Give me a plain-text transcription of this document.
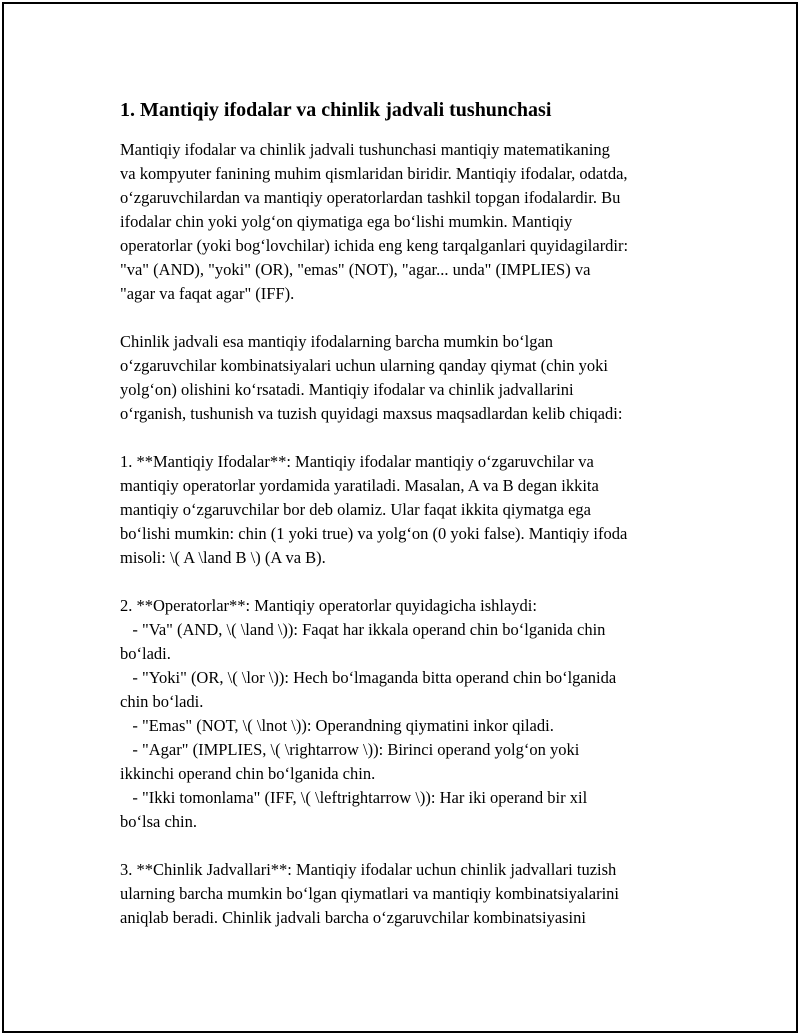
1. Mantiqiy ifodalar va chinlik jadvali tushunchasi
Mantiqiy ifodalar va chinlik jadvali tushunchasi mantiqiy matematikaning
va kompyuter fanining muhim qismlaridan biridir. Mantiqiy ifodalar, odatda,
o‘zgaruvchilardan va mantiqiy operatorlardan tashkil topgan ifodalardir. Bu
ifodalar chin yoki yolg‘on qiymatiga ega bo‘lishi mumkin. Mantiqiy
operatorlar (yoki bog‘lovchilar) ichida eng keng tarqalganlari quyidagilardir:
"va" (AND), "yoki" (OR), "emas" (NOT), "agar... unda" (IMPLIES) va
"agar va faqat agar" (IFF).
Chinlik jadvali esa mantiqiy ifodalarning barcha mumkin bo‘lgan
o‘zgaruvchilar kombinatsiyalari uchun ularning qanday qiymat (chin yoki
yolg‘on) olishini ko‘rsatadi. Mantiqiy ifodalar va chinlik jadvallarini
o‘rganish, tushunish va tuzish quyidagi maxsus maqsadlardan kelib chiqadi:
1. **Mantiqiy Ifodalar**: Mantiqiy ifodalar mantiqiy o‘zgaruvchilar va
mantiqiy operatorlar yordamida yaratiladi. Masalan, A va B degan ikkita
mantiqiy o‘zgaruvchilar bor deb olamiz. Ular faqat ikkita qiymatga ega
bo‘lishi mumkin: chin (1 yoki true) va yolg‘on (0 yoki false). Mantiqiy ifoda
misoli: \( A \land B \) (A va B).
2. **Operatorlar**: Mantiqiy operatorlar quyidagicha ishlaydi:
- "Va" (AND, \( \land \)): Faqat har ikkala operand chin bo‘lganida chin
bo‘ladi.
- "Yoki" (OR, \( \lor \)): Hech bo‘lmaganda bitta operand chin bo‘lganida
chin bo‘ladi.
- "Emas" (NOT, \( \lnot \)): Operandning qiymatini inkor qiladi.
- "Agar" (IMPLIES, \( \rightarrow \)): Birinci operand yolg‘on yoki
ikkinchi operand chin bo‘lganida chin.
- "Ikki tomonlama" (IFF, \( \leftrightarrow \)): Har iki operand bir xil
bo‘lsa chin.
3. **Chinlik Jadvallari**: Mantiqiy ifodalar uchun chinlik jadvallari tuzish
ularning barcha mumkin bo‘lgan qiymatlari va mantiqiy kombinatsiyalarini
aniqlab beradi. Chinlik jadvali barcha o‘zgaruvchilar kombinatsiyasini
